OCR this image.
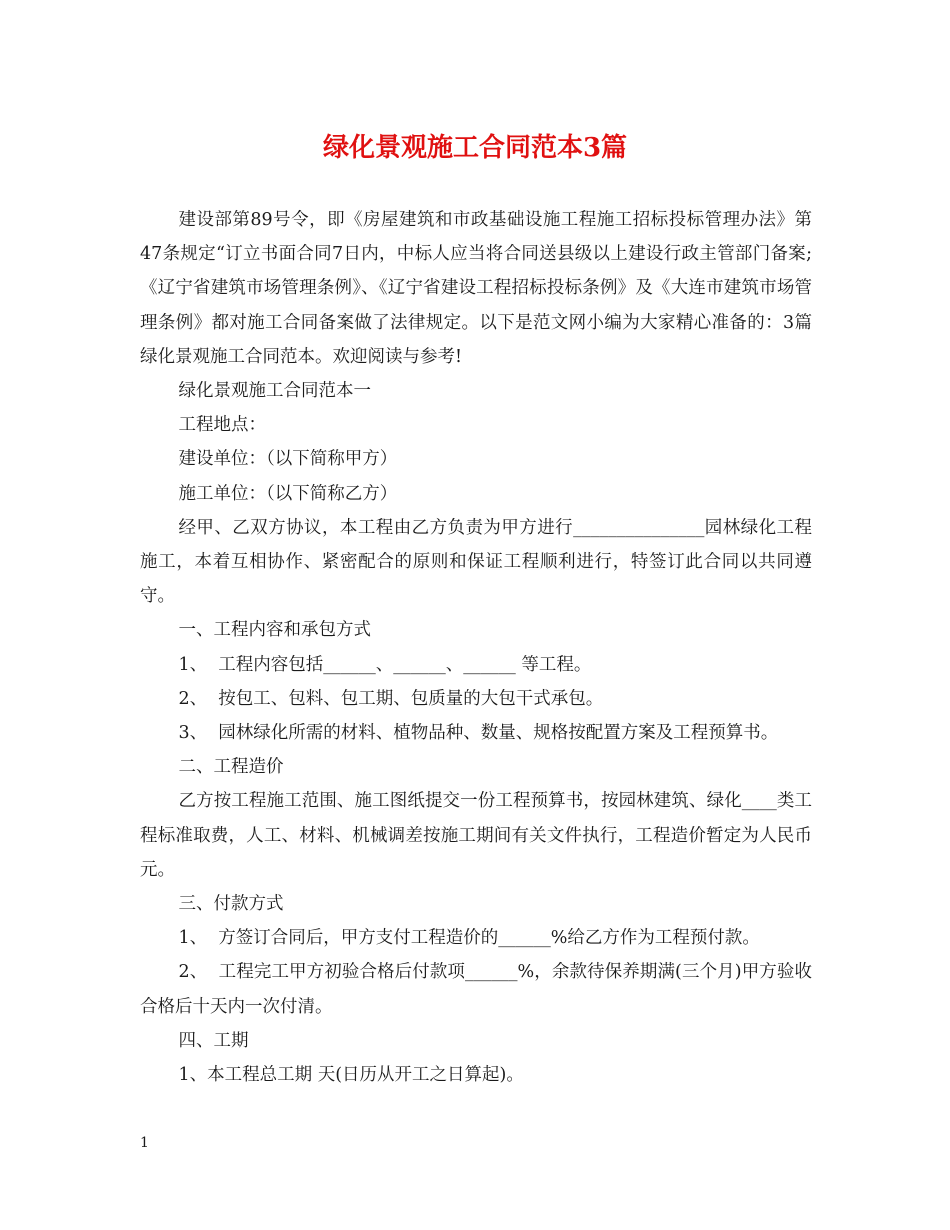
绿化景观施工合同范本3篇

建设部第89号令，即《房屋建筑和市政基础设施工程施工招标投标管理办法》第47条规定“订立书面合同7日内，中标人应当将合同送县级以上建设行政主管部门备案;《辽宁省建筑市场管理条例》、《辽宁省建设工程招标投标条例》及《大连市建筑市场管理条例》都对施工合同备案做了法律规定。以下是范文网小编为大家精心准备的：3篇绿化景观施工合同范本。欢迎阅读与参考!

绿化景观施工合同范本一

工程地点：

建设单位：（以下简称甲方）

施工单位：（以下简称乙方）

经甲、乙双方协议，本工程由乙方负责为甲方进行_______________园林绿化工程施工，本着互相协作、紧密配合的原则和保证工程顺利进行，特签订此合同以共同遵守。

一、工程内容和承包方式

1、  工程内容包括______、______、______ 等工程。

2、  按包工、包料、包工期、包质量的大包干式承包。

3、  园林绿化所需的材料、植物品种、数量、规格按配置方案及工程预算书。

二、工程造价

乙方按工程施工范围、施工图纸提交一份工程预算书，按园林建筑、绿化____类工程标准取费，人工、材料、机械调差按施工期间有关文件执行，工程造价暂定为人民币 元。

三、付款方式

1、  方签订合同后，甲方支付工程造价的______%给乙方作为工程预付款。

2、  工程完工甲方初验合格后付款项______%，余款待保养期满(三个月)甲方验收合格后十天内一次付清。

四、工期

1、本工程总工期 天(日历从开工之日算起)。

1
